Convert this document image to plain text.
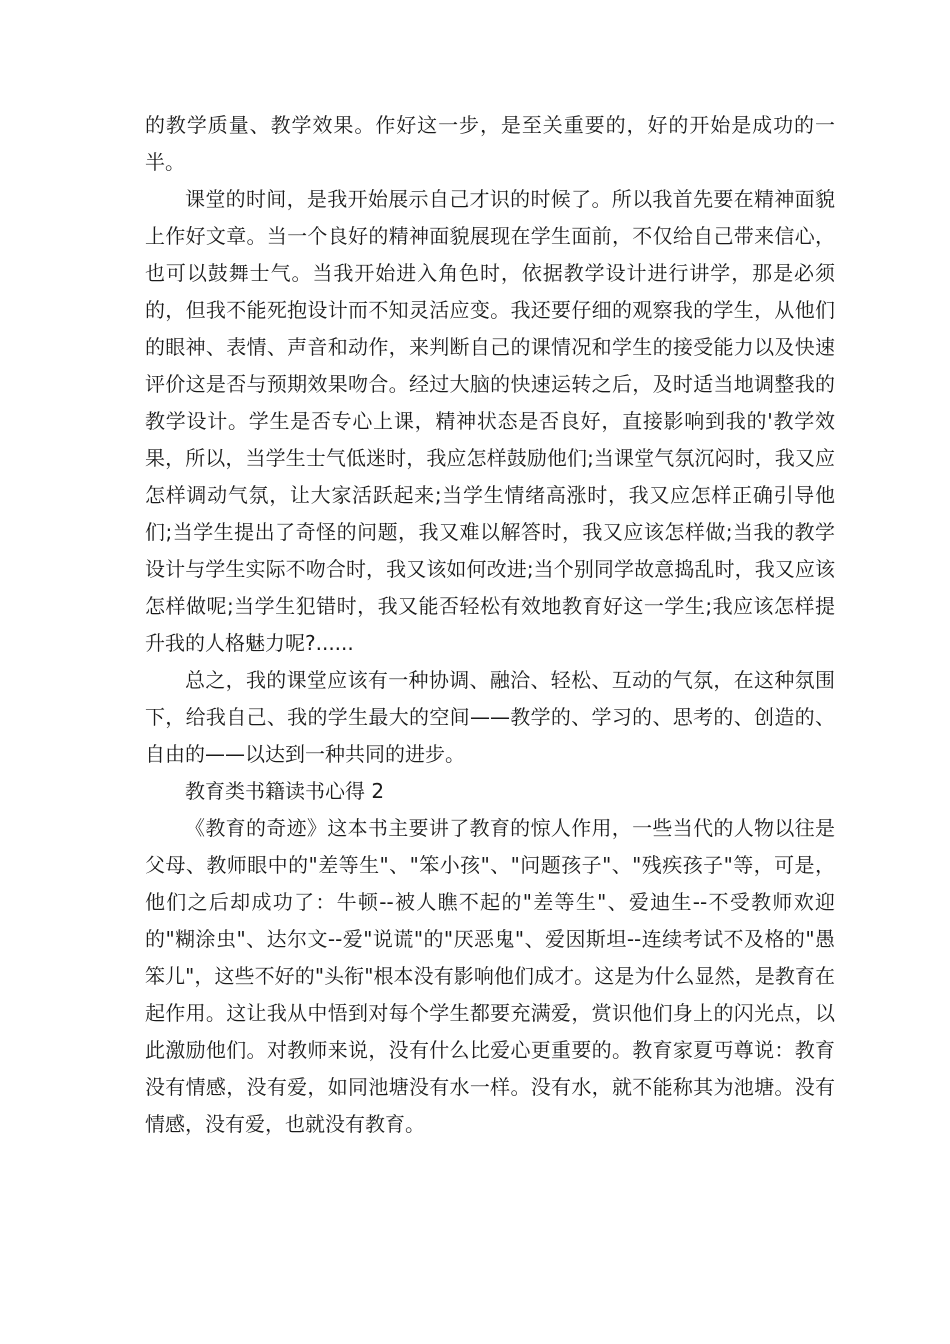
的教学质量、教学效果。作好这一步，是至关重要的，好的开始是成功的一半。

课堂的时间，是我开始展示自己才识的时候了。所以我首先要在精神面貌上作好文章。当一个良好的精神面貌展现在学生面前，不仅给自己带来信心，也可以鼓舞士气。当我开始进入角色时，依据教学设计进行讲学，那是必须的，但我不能死抱设计而不知灵活应变。我还要仔细的观察我的学生，从他们的眼神、表情、声音和动作，来判断自己的课情况和学生的接受能力以及快速评价这是否与预期效果吻合。经过大脑的快速运转之后，及时适当地调整我的教学设计。学生是否专心上课，精神状态是否良好，直接影响到我的'教学效果，所以，当学生士气低迷时，我应怎样鼓励他们;当课堂气氛沉闷时，我又应怎样调动气氛，让大家活跃起来;当学生情绪高涨时，我又应怎样正确引导他们;当学生提出了奇怪的问题，我又难以解答时，我又应该怎样做;当我的教学设计与学生实际不吻合时，我又该如何改进;当个别同学故意捣乱时，我又应该怎样做呢;当学生犯错时，我又能否轻松有效地教育好这一学生;我应该怎样提升我的人格魅力呢?......

总之，我的课堂应该有一种协调、融洽、轻松、互动的气氛，在这种氛围下，给我自己、我的学生最大的空间——教学的、学习的、思考的、创造的、自由的——以达到一种共同的进步。

教育类书籍读书心得 2

《教育的奇迹》这本书主要讲了教育的惊人作用，一些当代的人物以往是父母、教师眼中的"差等生"、"笨小孩"、"问题孩子"、"残疾孩子"等，可是，他们之后却成功了：牛顿--被人瞧不起的"差等生"、爱迪生--不受教师欢迎的"糊涂虫"、达尔文--爱"说谎"的"厌恶鬼"、爱因斯坦--连续考试不及格的"愚笨儿"，这些不好的"头衔"根本没有影响他们成才。这是为什么显然，是教育在起作用。这让我从中悟到对每个学生都要充满爱，赏识他们身上的闪光点，以此激励他们。对教师来说，没有什么比爱心更重要的。教育家夏丏尊说：教育没有情感，没有爱，如同池塘没有水一样。没有水，就不能称其为池塘。没有情感，没有爱，也就没有教育。
